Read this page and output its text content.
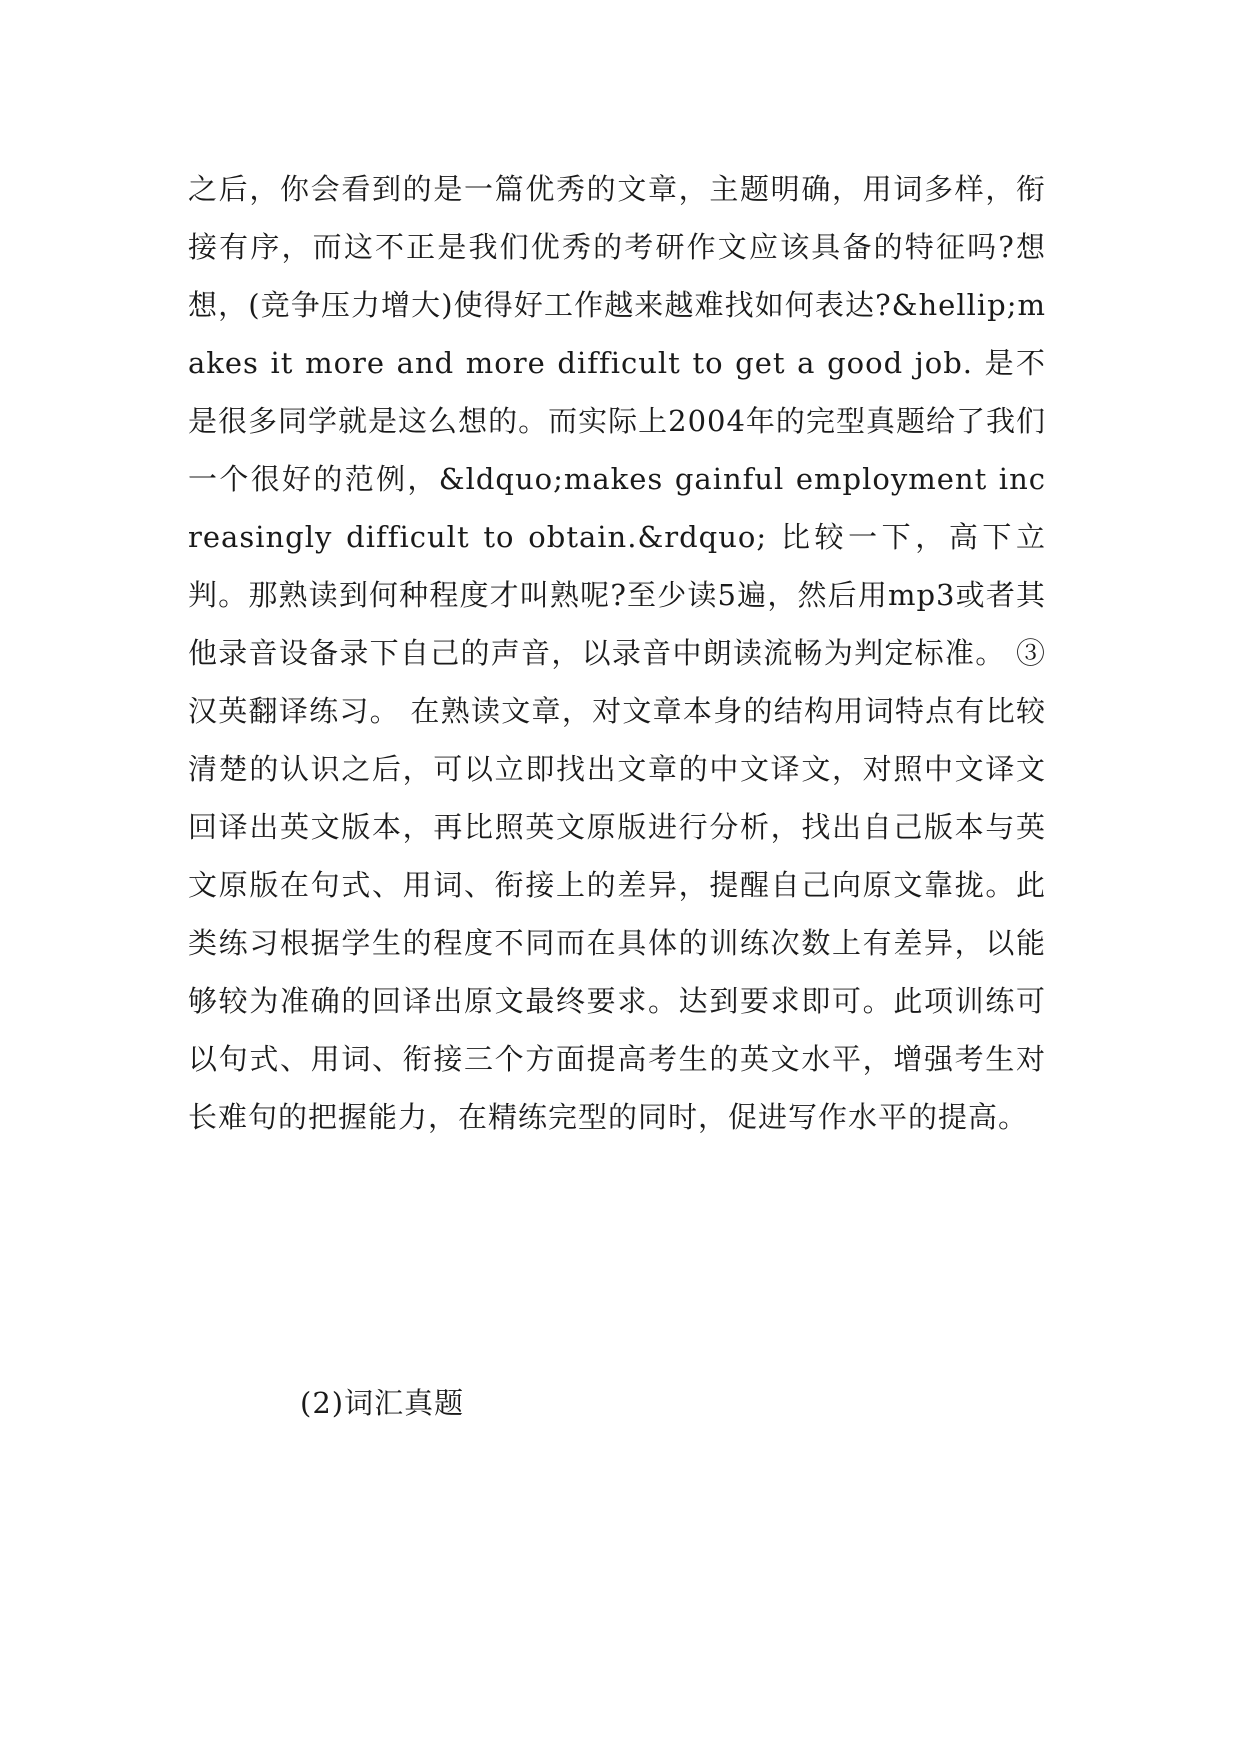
之后，你会看到的是一篇优秀的文章，主题明确，用词多样，衔接有序，而这不正是我们优秀的考研作文应该具备的特征吗?想想，(竞争压力增大)使得好工作越来越难找如何表达?&hellip;makes it more and more difficult to get a good job. 是不是很多同学就是这么想的。而实际上2004年的完型真题给了我们一个很好的范例，&ldquo;makes gainful employment increasingly difficult to obtain.&rdquo; 比较一下，高下立判。那熟读到何种程度才叫熟呢?至少读5遍，然后用mp3或者其他录音设备录下自己的声音，以录音中朗读流畅为判定标准。 ③ 汉英翻译练习。 在熟读文章，对文章本身的结构用词特点有比较清楚的认识之后，可以立即找出文章的中文译文，对照中文译文回译出英文版本，再比照英文原版进行分析，找出自己版本与英文原版在句式、用词、衔接上的差异，提醒自己向原文靠拢。此类练习根据学生的程度不同而在具体的训练次数上有差异，以能够较为准确的回译出原文最终要求。达到要求即可。此项训练可以句式、用词、衔接三个方面提高考生的英文水平，增强考生对长难句的把握能力，在精练完型的同时，促进写作水平的提高。

(2)词汇真题
